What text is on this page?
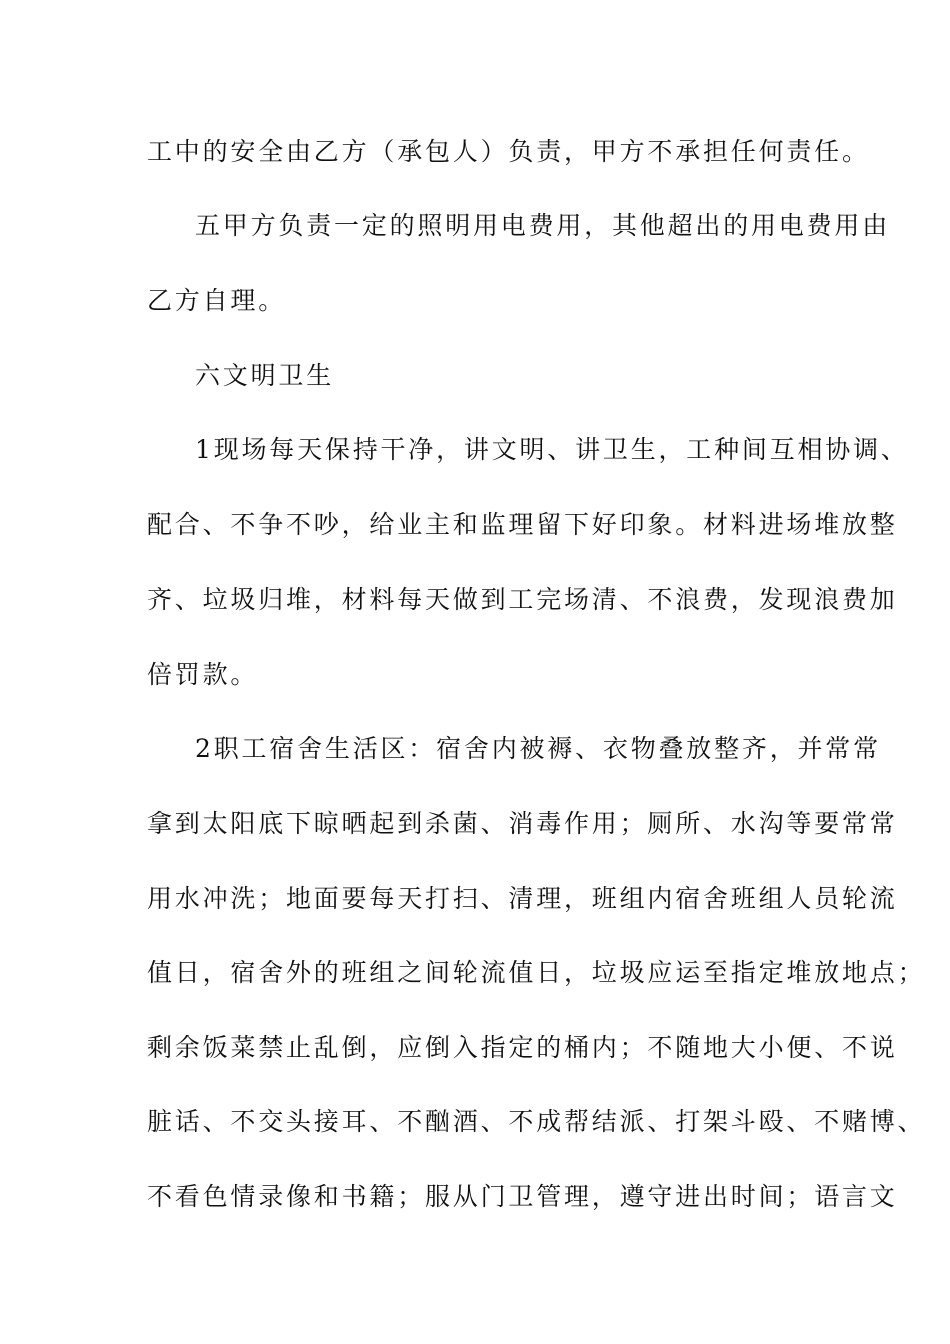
工中的安全由乙方（承包人）负责，甲方不承担任何责任。
五甲方负责一定的照明用电费用，其他超出的用电费用由
乙方自理。
六文明卫生
1现场每天保持干净，讲文明、讲卫生，工种间互相协调、
配合、不争不吵，给业主和监理留下好印象。材料进场堆放整
齐、垃圾归堆，材料每天做到工完场清、不浪费，发现浪费加
倍罚款。
2职工宿舍生活区：宿舍内被褥、衣物叠放整齐，并常常
拿到太阳底下晾晒起到杀菌、消毒作用；厕所、水沟等要常常
用水冲洗；地面要每天打扫、清理，班组内宿舍班组人员轮流
值日，宿舍外的班组之间轮流值日，垃圾应运至指定堆放地点；
剩余饭菜禁止乱倒，应倒入指定的桶内；不随地大小便、不说
脏话、不交头接耳、不酗酒、不成帮结派、打架斗殴、不赌博、
不看色情录像和书籍；服从门卫管理，遵守进出时间；语言文
